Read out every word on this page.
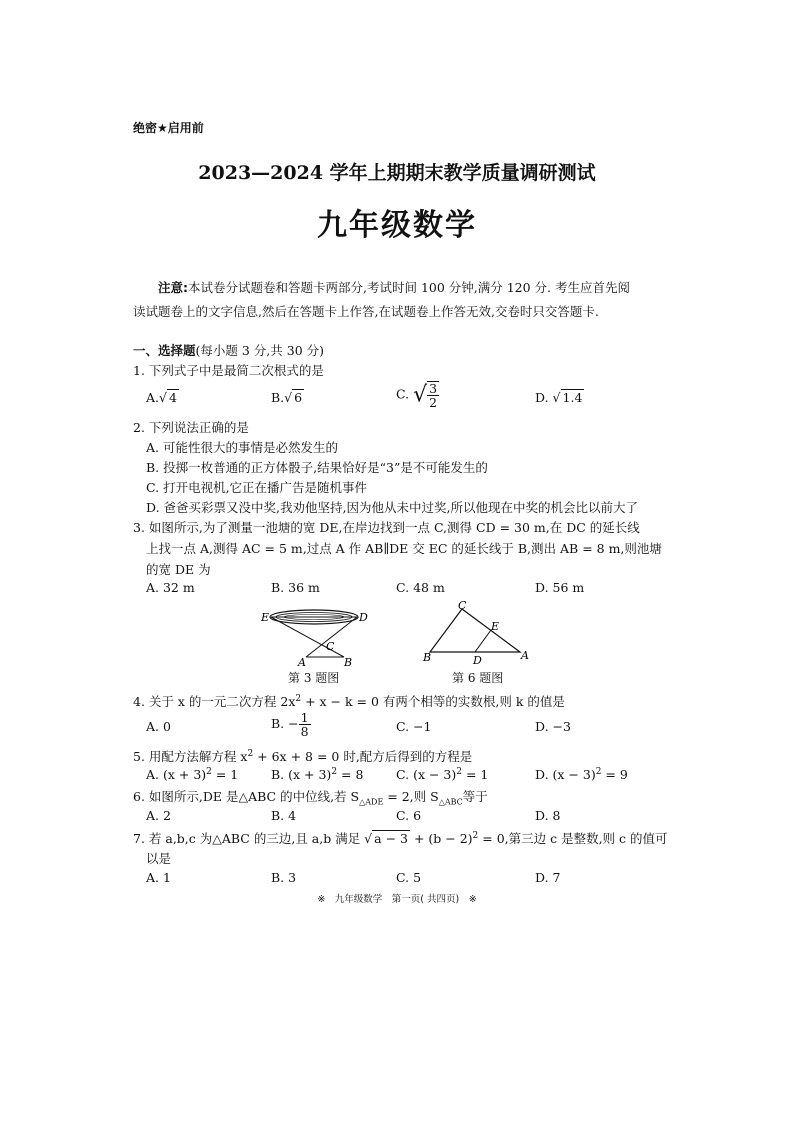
绝密★启用前
2023—2024 学年上期期末教学质量调研测试
九年级数学
  注意:本试卷分试题卷和答题卡两部分,考试时间 100 分钟,满分 120 分. 考生应首先阅
读试题卷上的文字信息,然后在答题卡上作答,在试题卷上作答无效,交卷时只交答题卡.
一、选择题(每小题 3 分,共 30 分)
1. 下列式子中是最简二次根式的是
A.√ 4	B.√ 6	C. √ $\frac{3}{2}$	D. √ 1.4
2. 下列说法正确的是
A. 可能性很大的事情是必然发生的
B. 投掷一枚普通的正方体骰子,结果恰好是“3”是不可能发生的
C. 打开电视机,它正在播广告是随机事件
D. 爸爸买彩票又没中奖,我劝他坚持,因为他从未中过奖,所以他现在中奖的机会比以前大了
3. 如图所示,为了测量一池塘的宽 DE,在岸边找到一点 C,测得 CD = 30 m,在 DC 的延长线
上找一点 A,测得 AC = 5 m,过点 A 作 AB∥DE 交 EC 的延长线于 B,测出 AB = 8 m,则池塘
的宽 DE 为
A. 32 m	B. 36 m	C. 48 m	D. 56 m
E	D
C
A	B
第 3 题图
C
E
B	D	A
第 6 题图
4. 关于 x 的一元二次方程 $2x^2 + x - k = 0$ 有两个相等的实数根,则 k 的值是
A. 0	B. − $\frac{1}{8}$	C. −1	D. −3
5. 用配方法解方程 $x^2 + 6x + 8 = 0$ 时,配方后得到的方程是
A. $(x + 3)^2 = 1$	B. $(x + 3)^2 = 8$	C. $(x - 3)^2 = 1$	D. $(x - 3)^2 = 9$
6. 如图所示,DE 是△ABC 的中位线,若 $S_{\triangle ADE} = 2$,则 $S_{\triangle ABC}$等于
A. 2	B. 4	C. 6	D. 8
7. 若 a,b,c 为△ABC 的三边,且 a,b 满足 √ $a - 3 + (b - 2)^2 = 0$,第三边 c 是整数,则 c 的值可
以是
A. 1	B. 3	C. 5	D. 7
※　九年级数学　第一页( 共四页)　※
